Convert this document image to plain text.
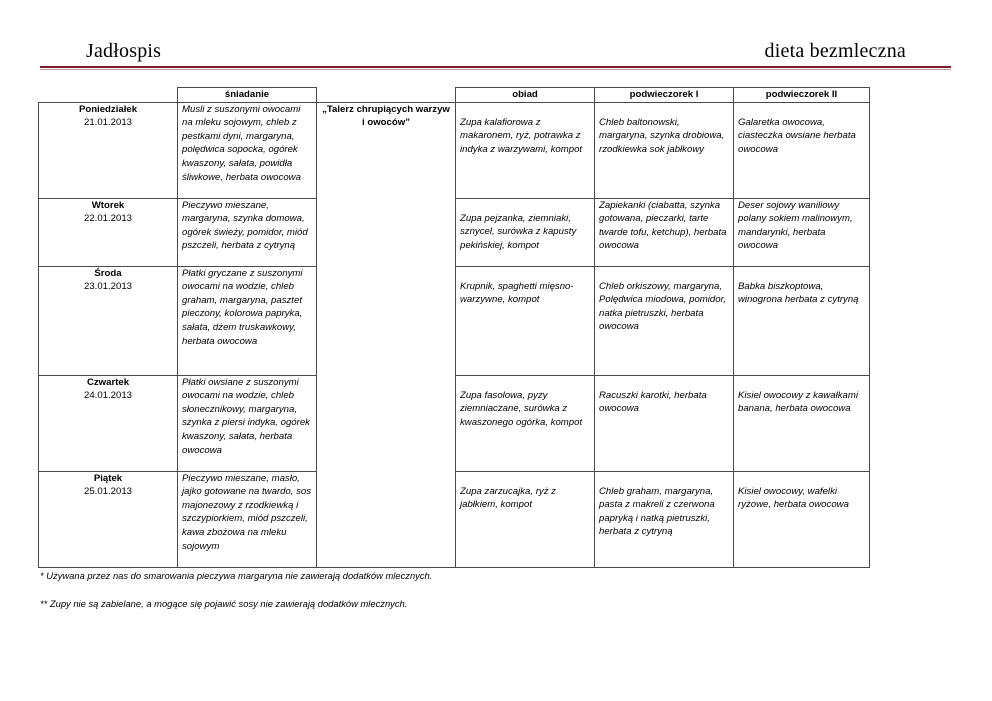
Jadłospis	dieta bezmleczna
	śniadanie		obiad	podwieczorek I	podwieczorek II

Poniedziałek
21.01.2013	Musli z suszonymi owocami na mleku sojowym, chleb z pestkami dyni, margaryna, polędwica sopocka, ogórek kwaszony, sałata, powidła śliwkowe, herbata owocowa	„Talerz chrupiących warzyw i owoców”	Zupa kalafiorowa z makaronem, ryż, potrawka z indyka z warzywami, kompot	Chleb baltonowski, margaryna, szynka drobiowa, rzodkiewka sok jabłkowy	Galaretka owocowa, ciasteczka owsiane herbata owocowa

Wtorek
22.01.2013	Pieczywo mieszane, margaryna, szynka domowa, ogórek świeży, pomidor, miód pszczeli, herbata z cytryną		Zupa pejzanka, ziemniaki, sznycel, surówka z kapusty pekińskiej, kompot	Zapiekanki (ciabatta, szynka gotowana, pieczarki, tarte twarde tofu, ketchup), herbata owocowa	Deser sojowy waniliowy polany sokiem malinowym, mandarynki, herbata owocowa

Środa
23.01.2013	Płatki gryczane z suszonymi owocami na wodzie, chleb graham, margaryna, pasztet pieczony, kolorowa papryka, sałata, dżem truskawkowy, herbata owocowa		Krupnik, spaghetti mięsno-warzywne, kompot	Chleb orkiszowy, margaryna, Polędwica miodowa, pomidor, natka pietruszki, herbata owocowa	Babka biszkoptowa, winogrona herbata z cytryną

Czwartek
24.01.2013	Płatki owsiane z suszonymi owocami na wodzie, chleb słonecznikowy, margaryna, szynka z piersi indyka, ogórek kwaszony, sałata, herbata owocowa		Zupa fasolowa, pyzy ziemniaczane, surówka z kwaszonego ogórka, kompot	Racuszki karotki, herbata owocowa	Kisiel owocowy z kawałkami banana, herbata owocowa

Piątek
25.01.2013	Pieczywo mieszane, masło, jajko gotowane na twardo, sos majonezowy z rzodkiewką i szczypiorkiem, miód pszczeli, kawa zbożowa na mleku sojowym		Zupa zarzucajka, ryż z jabłkiem, kompot	Chleb graham, margaryna, pasta z makreli z czerwona papryką i natką pietruszki, herbata z cytryną	Kisiel owocowy, wafelki ryżowe, herbata owocowa
* Używana przez nas do smarowania pieczywa margaryna nie zawierają dodatków mlecznych.
** Zupy nie są zabielane, a mogące się pojawić sosy nie zawierają dodatków mlecznych.
